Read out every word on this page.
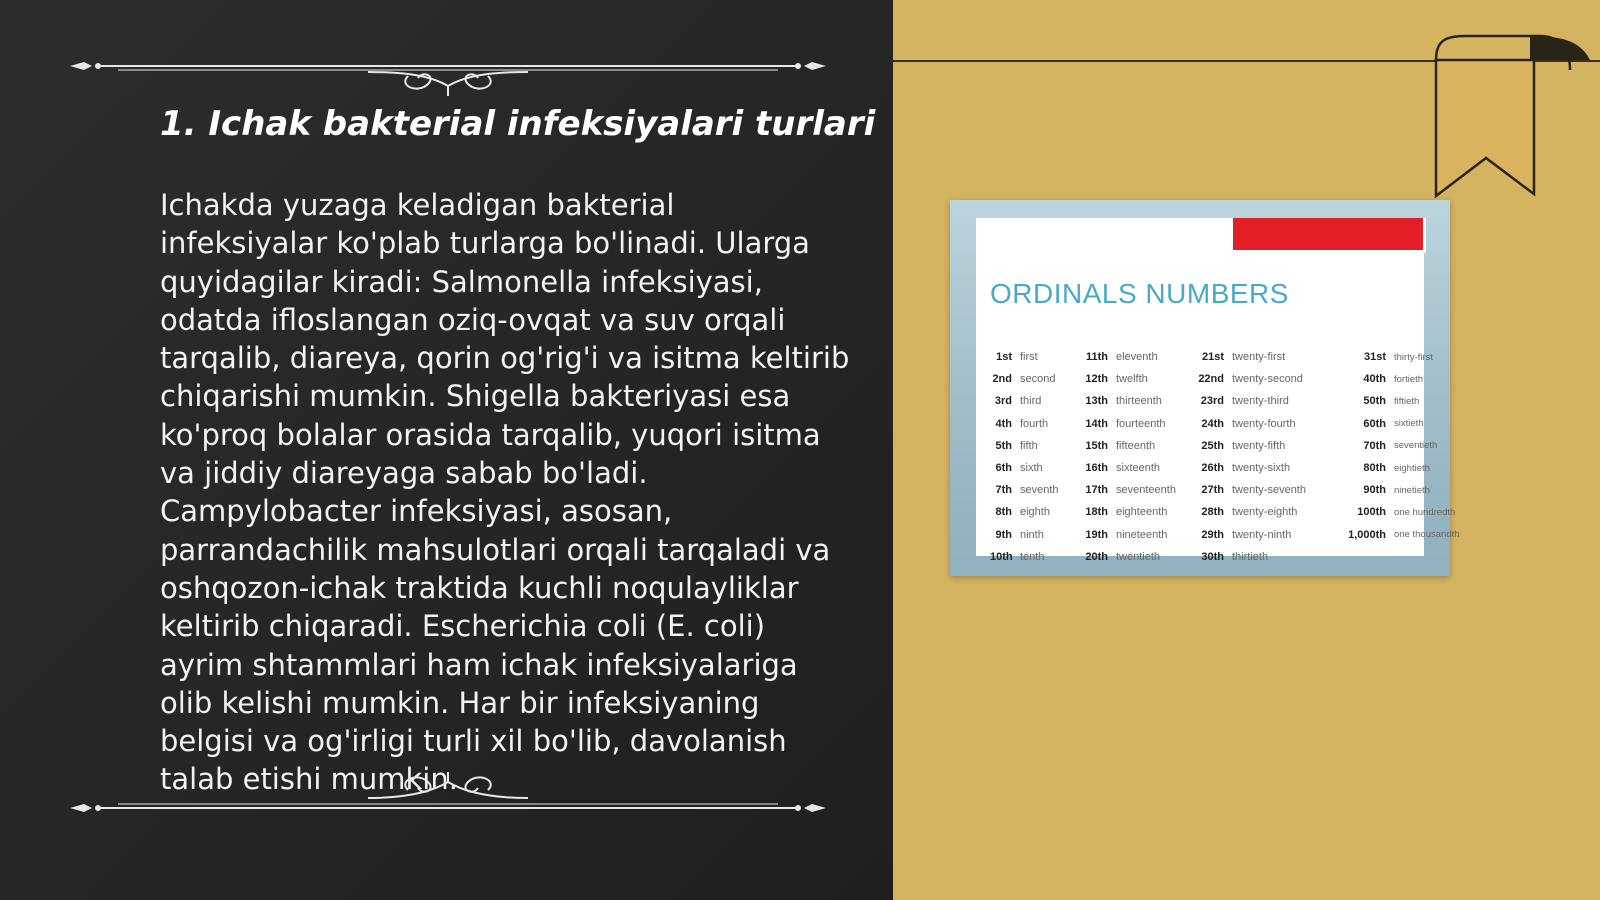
1. Ichak bakterial infeksiyalari turlari

Ichakda yuzaga keladigan bakterial infeksiyalar ko'plab turlarga bo'linadi. Ularga quyidagilar kiradi: Salmonella infeksiyasi, odatda ifloslangan oziq-ovqat va suv orqali tarqalib, diareya, qorin og'rig'i va isitma keltirib chiqarishi mumkin. Shigella bakteriyasi esa ko'proq bolalar orasida tarqalib, yuqori isitma va jiddiy diareyaga sabab bo'ladi. Campylobacter infeksiyasi, asosan, parrandachilik mahsulotlari orqali tarqaladi va oshqozon-ichak traktida kuchli noqulayliklar keltirib chiqaradi. Escherichia coli (E. coli) ayrim shtammlari ham ichak infeksiyalariga olib kelishi mumkin. Har bir infeksiyaning belgisi va og'irligi turli xil bo'lib, davolanish talab etishi mumkin.

ORDINALS NUMBERS
1st first	11th eleventh	21st twenty-first	31st thirty-first
2nd second	12th twelfth	22nd twenty-second	40th fortieth
3rd third	13th thirteenth	23rd twenty-third	50th fiftieth
4th fourth	14th fourteenth	24th twenty-fourth	60th sixtieth
5th fifth	15th fifteenth	25th twenty-fifth	70th seventieth
6th sixth	16th sixteenth	26th twenty-sixth	80th eightieth
7th seventh	17th seventeenth	27th twenty-seventh	90th ninetieth
8th eighth	18th eighteenth	28th twenty-eighth	100th one hundredth
9th ninth	19th nineteenth	29th twenty-ninth	1,000th one thousandth
10th tenth	20th twentieth	30th thirtieth
